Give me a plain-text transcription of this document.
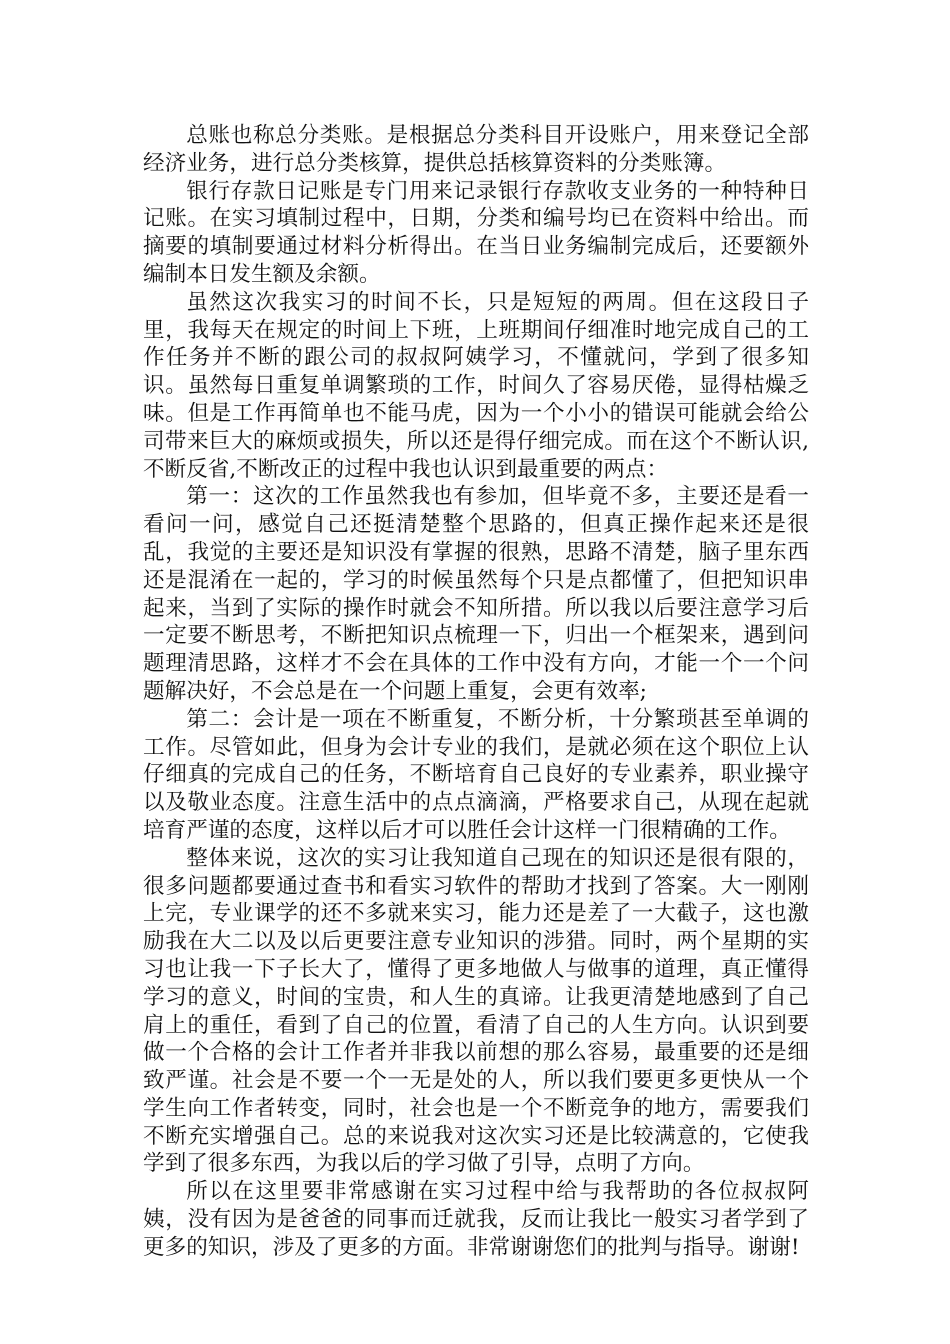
总账也称总分类账。是根据总分类科目开设账户，用来登记全部经济业务，进行总分类核算，提供总括核算资料的分类账簿。

银行存款日记账是专门用来记录银行存款收支业务的一种特种日记账。在实习填制过程中，日期，分类和编号均已在资料中给出。而摘要的填制要通过材料分析得出。在当日业务编制完成后，还要额外编制本日发生额及余额。

虽然这次我实习的时间不长，只是短短的两周。但在这段日子里，我每天在规定的时间上下班，上班期间仔细准时地完成自己的工作任务并不断的跟公司的叔叔阿姨学习，不懂就问，学到了很多知识。虽然每日重复单调繁琐的工作，时间久了容易厌倦，显得枯燥乏味。但是工作再简单也不能马虎，因为一个小小的错误可能就会给公司带来巨大的麻烦或损失，所以还是得仔细完成。而在这个不断认识,不断反省,不断改正的过程中我也认识到最重要的两点：

第一：这次的工作虽然我也有参加，但毕竟不多，主要还是看一看问一问，感觉自己还挺清楚整个思路的，但真正操作起来还是很乱，我觉的主要还是知识没有掌握的很熟，思路不清楚，脑子里东西还是混淆在一起的，学习的时候虽然每个只是点都懂了，但把知识串起来，当到了实际的操作时就会不知所措。所以我以后要注意学习后一定要不断思考，不断把知识点梳理一下，归出一个框架来，遇到问题理清思路，这样才不会在具体的工作中没有方向，才能一个一个问题解决好，不会总是在一个问题上重复，会更有效率;

第二：会计是一项在不断重复，不断分析，十分繁琐甚至单调的工作。尽管如此，但身为会计专业的我们，是就必须在这个职位上认仔细真的完成自己的任务，不断培育自己良好的专业素养，职业操守以及敬业态度。注意生活中的点点滴滴，严格要求自己，从现在起就培育严谨的态度，这样以后才可以胜任会计这样一门很精确的工作。

整体来说，这次的实习让我知道自己现在的知识还是很有限的，很多问题都要通过查书和看实习软件的帮助才找到了答案。大一刚刚上完，专业课学的还不多就来实习，能力还是差了一大截子，这也激励我在大二以及以后更要注意专业知识的涉猎。同时，两个星期的实习也让我一下子长大了，懂得了更多地做人与做事的道理，真正懂得学习的意义，时间的宝贵，和人生的真谛。让我更清楚地感到了自己肩上的重任，看到了自己的位置，看清了自己的人生方向。认识到要做一个合格的会计工作者并非我以前想的那么容易，最重要的还是细致严谨。社会是不要一个一无是处的人，所以我们要更多更快从一个学生向工作者转变，同时，社会也是一个不断竞争的地方，需要我们不断充实增强自己。总的来说我对这次实习还是比较满意的，它使我学到了很多东西，为我以后的学习做了引导，点明了方向。

所以在这里要非常感谢在实习过程中给与我帮助的各位叔叔阿姨，没有因为是爸爸的同事而迁就我，反而让我比一般实习者学到了更多的知识，涉及了更多的方面。非常谢谢您们的批判与指导。谢谢!
